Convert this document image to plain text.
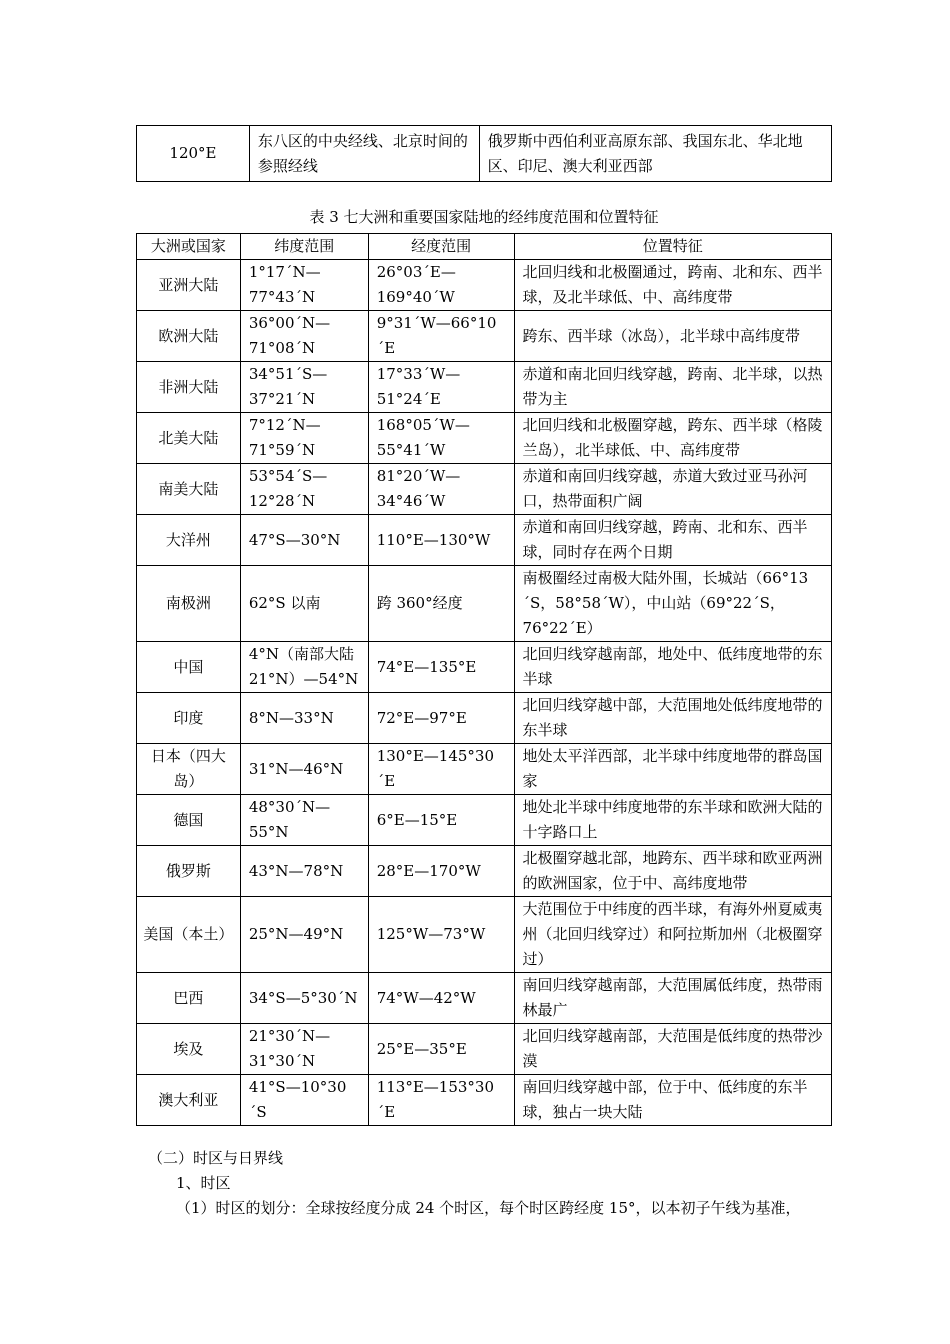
120°E	东八区的中央经线、北京时间的参照经线	俄罗斯中西伯利亚高原东部、我国东北、华北地区、印尼、澳大利亚西部
表 3 七大洲和重要国家陆地的经纬度范围和位置特征
大洲或国家	纬度范围	经度范围	位置特征
亚洲大陆	1°17´N—77°43´N	26°03´E—169°40´W	北回归线和北极圈通过，跨南、北和东、西半球，及北半球低、中、高纬度带
欧洲大陆	36°00´N—71°08´N	9°31´W—66°10´E	跨东、西半球（冰岛），北半球中高纬度带
非洲大陆	34°51´S—37°21´N	17°33´W—51°24´E	赤道和南北回归线穿越，跨南、北半球，以热带为主
北美大陆	7°12´N—71°59´N	168°05´W—55°41´W	北回归线和北极圈穿越，跨东、西半球（格陵兰岛），北半球低、中、高纬度带
南美大陆	53°54´S—12°28´N	81°20´W—34°46´W	赤道和南回归线穿越，赤道大致过亚马孙河口，热带面积广阔
大洋州	47°S—30°N	110°E—130°W	赤道和南回归线穿越，跨南、北和东、西半球，同时存在两个日期
南极洲	62°S 以南	跨 360°经度	南极圈经过南极大陆外围，长城站（66°13´S，58°58´W），中山站（69°22´S，76°22´E）
中国	4°N（南部大陆 21°N）—54°N	74°E—135°E	北回归线穿越南部，地处中、低纬度地带的东半球
印度	8°N—33°N	72°E—97°E	北回归线穿越中部，大范围地处低纬度地带的东半球
日本（四大岛）	31°N—46°N	130°E—145°30´E	地处太平洋西部，北半球中纬度地带的群岛国家
德国	48°30´N—55°N	6°E—15°E	地处北半球中纬度地带的东半球和欧洲大陆的十字路口上
俄罗斯	43°N—78°N	28°E—170°W	北极圈穿越北部，地跨东、西半球和欧亚两洲的欧洲国家，位于中、高纬度地带
美国（本土）	25°N—49°N	125°W—73°W	大范围位于中纬度的西半球，有海外州夏威夷州（北回归线穿过）和阿拉斯加州（北极圈穿过）
巴西	34°S—5°30´N	74°W—42°W	南回归线穿越南部，大范围属低纬度，热带雨林最广
埃及	21°30´N—31°30´N	25°E—35°E	北回归线穿越南部，大范围是低纬度的热带沙漠
澳大利亚	41°S—10°30´S	113°E—153°30´E	南回归线穿越中部，位于中、低纬度的东半球，独占一块大陆
（二）时区与日界线
1、时区
（1）时区的划分：全球按经度分成 24 个时区，每个时区跨经度 15°，以本初子午线为基准，
